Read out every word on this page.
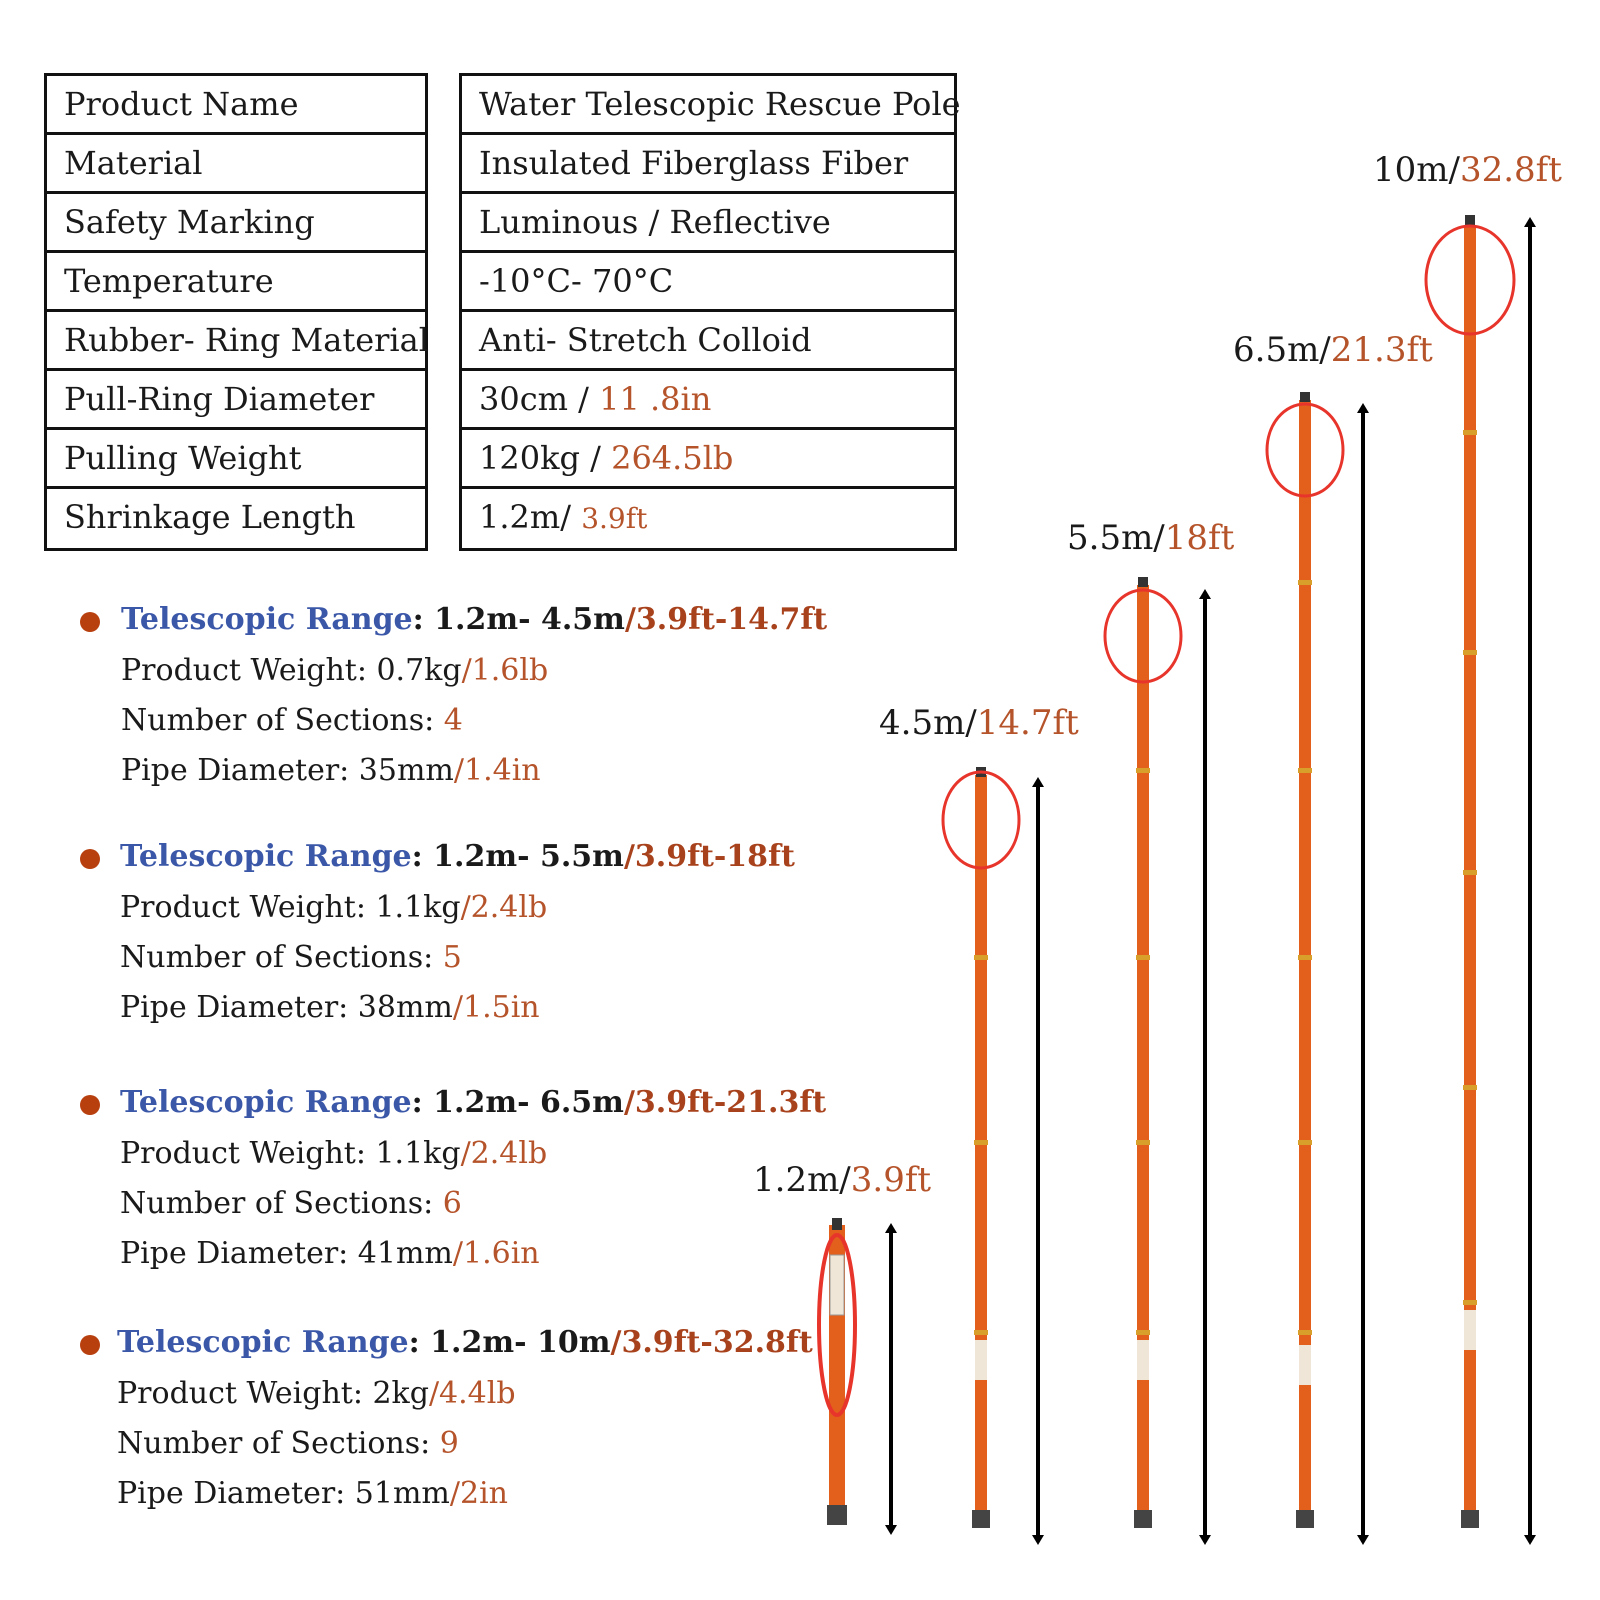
Product Name
Material
Safety Marking
Temperature
Rubber- Ring Material
Pull-Ring Diameter
Pulling Weight
Shrinkage Length
Water Telescopic Rescue Pole
Insulated Fiberglass Fiber
Luminous / Reflective
-10°C- 70°C
Anti- Stretch Colloid
30cm / 11 .8in
120kg / 264.5lb
1.2m/ 3.9ft
Telescopic Range: 1.2m- 4.5m/3.9ft-14.7ft
Product Weight: 0.7kg/1.6lb
Number of Sections: 4
Pipe Diameter: 35mm/1.4in
Telescopic Range: 1.2m- 5.5m/3.9ft-18ft
Product Weight: 1.1kg/2.4lb
Number of Sections: 5
Pipe Diameter: 38mm/1.5in
Telescopic Range: 1.2m- 6.5m/3.9ft-21.3ft
Product Weight: 1.1kg/2.4lb
Number of Sections: 6
Pipe Diameter: 41mm/1.6in
Telescopic Range: 1.2m- 10m/3.9ft-32.8ft
Product Weight: 2kg/4.4lb
Number of Sections: 9
Pipe Diameter: 51mm/2in
1.2m/3.9ft
4.5m/14.7ft
5.5m/18ft
6.5m/21.3ft
10m/32.8ft
